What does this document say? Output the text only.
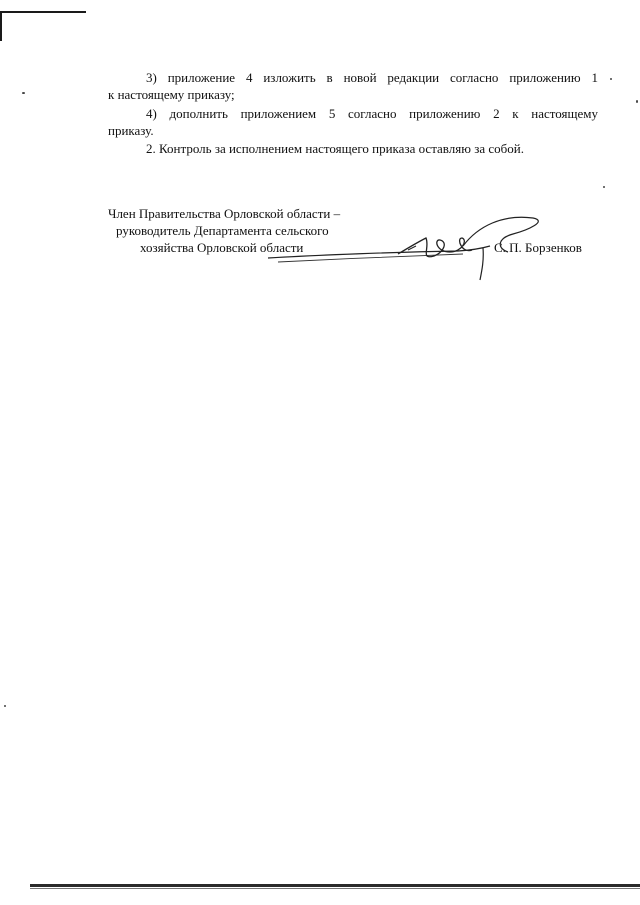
3) приложение 4 изложить в новой редакции согласно приложению 1
к настоящему приказу;
4) дополнить приложением 5 согласно приложению 2 к настоящему
приказу.
2. Контроль за исполнением настоящего приказа оставляю за собой.
Член Правительства Орловской области –
руководитель Департамента сельского
хозяйства Орловской области	С. П. Борзенков
